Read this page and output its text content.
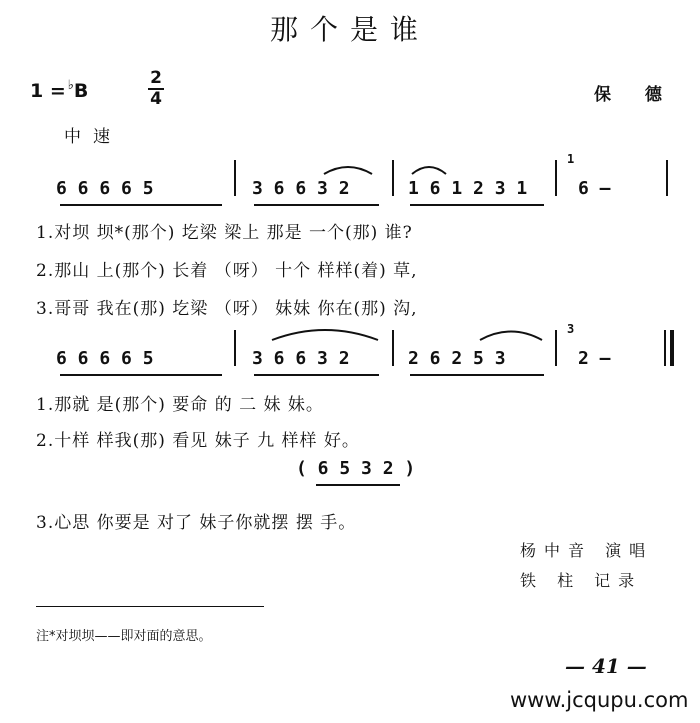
那个是谁
1 = ♭B
2
4	保 德
中速
6 6 6 6 5	3 6 6 3 2	1 6 1 2 3 1
1
6 —
1.对坝 坝*(那个) 圪梁 梁上 那是 一个(那) 谁?
2.那山 上(那个) 长着 （呀） 十个 样样(着) 草,
3.哥哥 我在(那) 圪梁 （呀） 妹妹 你在(那) 沟,
6 6 6 6 5	3 6 6 3 2	2 6 2 5 3
3
2 —
1.那就 是(那个) 要命 的 二 妹 妹。
2.十样 样我(那) 看见 妹子 九 样样 好。
( 6 5 3 2 )
3.心思 你要是 对了 妹子你就摆 摆 手。
杨中音 演唱
铁 柱 记录
注*对坝坝——即对面的意思。
— 41 —
www.jcqupu.com
